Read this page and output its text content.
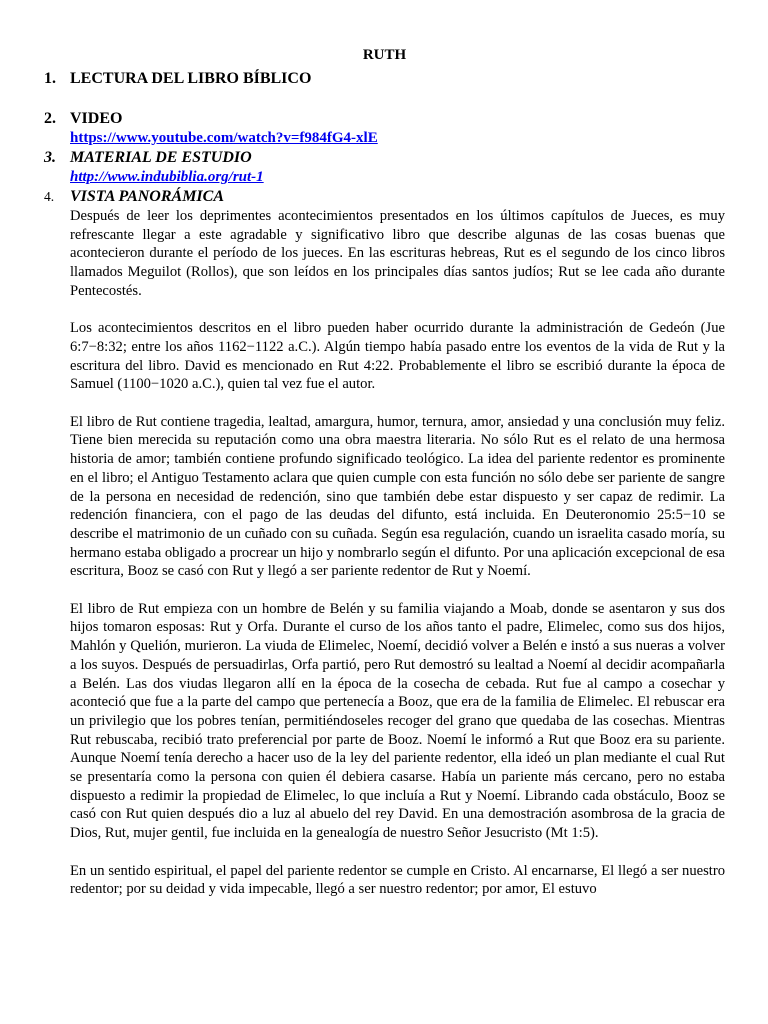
RUTH
1. LECTURA DEL LIBRO BÍBLICO
2. VIDEO
https://www.youtube.com/watch?v=f984fG4-xlE
3. MATERIAL DE ESTUDIO
http://www.indubiblia.org/rut-1
4. VISTA PANORÁMICA

Después de leer los deprimentes acontecimientos presentados en los últimos capítulos de Jueces, es muy refrescante llegar a este agradable y significativo libro que describe algunas de las cosas buenas que acontecieron durante el período de los jueces. En las escrituras hebreas, Rut es el segundo de los cinco libros llamados Meguilot (Rollos), que son leídos en los principales días santos judíos; Rut se lee cada año durante Pentecostés.

Los acontecimientos descritos en el libro pueden haber ocurrido durante la administración de Gedeón (Jue 6:7−8:32; entre los años 1162−1122 a.C.). Algún tiempo había pasado entre los eventos de la vida de Rut y la escritura del libro. David es mencionado en Rut 4:22. Probablemente el libro se escribió durante la época de Samuel (1100−1020 a.C.), quien tal vez fue el autor.

El libro de Rut contiene tragedia, lealtad, amargura, humor, ternura, amor, ansiedad y una conclusión muy feliz. Tiene bien merecida su reputación como una obra maestra literaria. No sólo Rut es el relato de una hermosa historia de amor; también contiene profundo significado teológico. La idea del pariente redentor es prominente en el libro; el Antiguo Testamento aclara que quien cumple con esta función no sólo debe ser pariente de sangre de la persona en necesidad de redención, sino que también debe estar dispuesto y ser capaz de redimir. La redención financiera, con el pago de las deudas del difunto, está incluida. En Deuteronomio 25:5−10 se describe el matrimonio de un cuñado con su cuñada. Según esa regulación, cuando un israelita casado moría, su hermano estaba obligado a procrear un hijo y nombrarlo según el difunto. Por una aplicación excepcional de esa escritura, Booz se casó con Rut y llegó a ser pariente redentor de Rut y Noemí.

El libro de Rut empieza con un hombre de Belén y su familia viajando a Moab, donde se asentaron y sus dos hijos tomaron esposas: Rut y Orfa. Durante el curso de los años tanto el padre, Elimelec, como sus dos hijos, Mahlón y Quelión, murieron. La viuda de Elimelec, Noemí, decidió volver a Belén e instó a sus nueras a volver a los suyos. Después de persuadirlas, Orfa partió, pero Rut demostró su lealtad a Noemí al decidir acompañarla a Belén. Las dos viudas llegaron allí en la época de la cosecha de cebada. Rut fue al campo a cosechar y aconteció que fue a la parte del campo que pertenecía a Booz, que era de la familia de Elimelec. El rebuscar era un privilegio que los pobres tenían, permitiéndoseles recoger del grano que quedaba de las cosechas. Mientras Rut rebuscaba, recibió trato preferencial por parte de Booz. Noemí le informó a Rut que Booz era su pariente. Aunque Noemí tenía derecho a hacer uso de la ley del pariente redentor, ella ideó un plan mediante el cual Rut se presentaría como la persona con quien él debiera casarse. Había un pariente más cercano, pero no estaba dispuesto a redimir la propiedad de Elimelec, lo que incluía a Rut y Noemí. Librando cada obstáculo, Booz se casó con Rut quien después dio a luz al abuelo del rey David. En una demostración asombrosa de la gracia de Dios, Rut, mujer gentil, fue incluida en la genealogía de nuestro Señor Jesucristo (Mt 1:5).

En un sentido espiritual, el papel del pariente redentor se cumple en Cristo. Al encarnarse, El llegó a ser nuestro redentor; por su deidad y vida impecable, llegó a ser nuestro redentor; por amor, El estuvo
